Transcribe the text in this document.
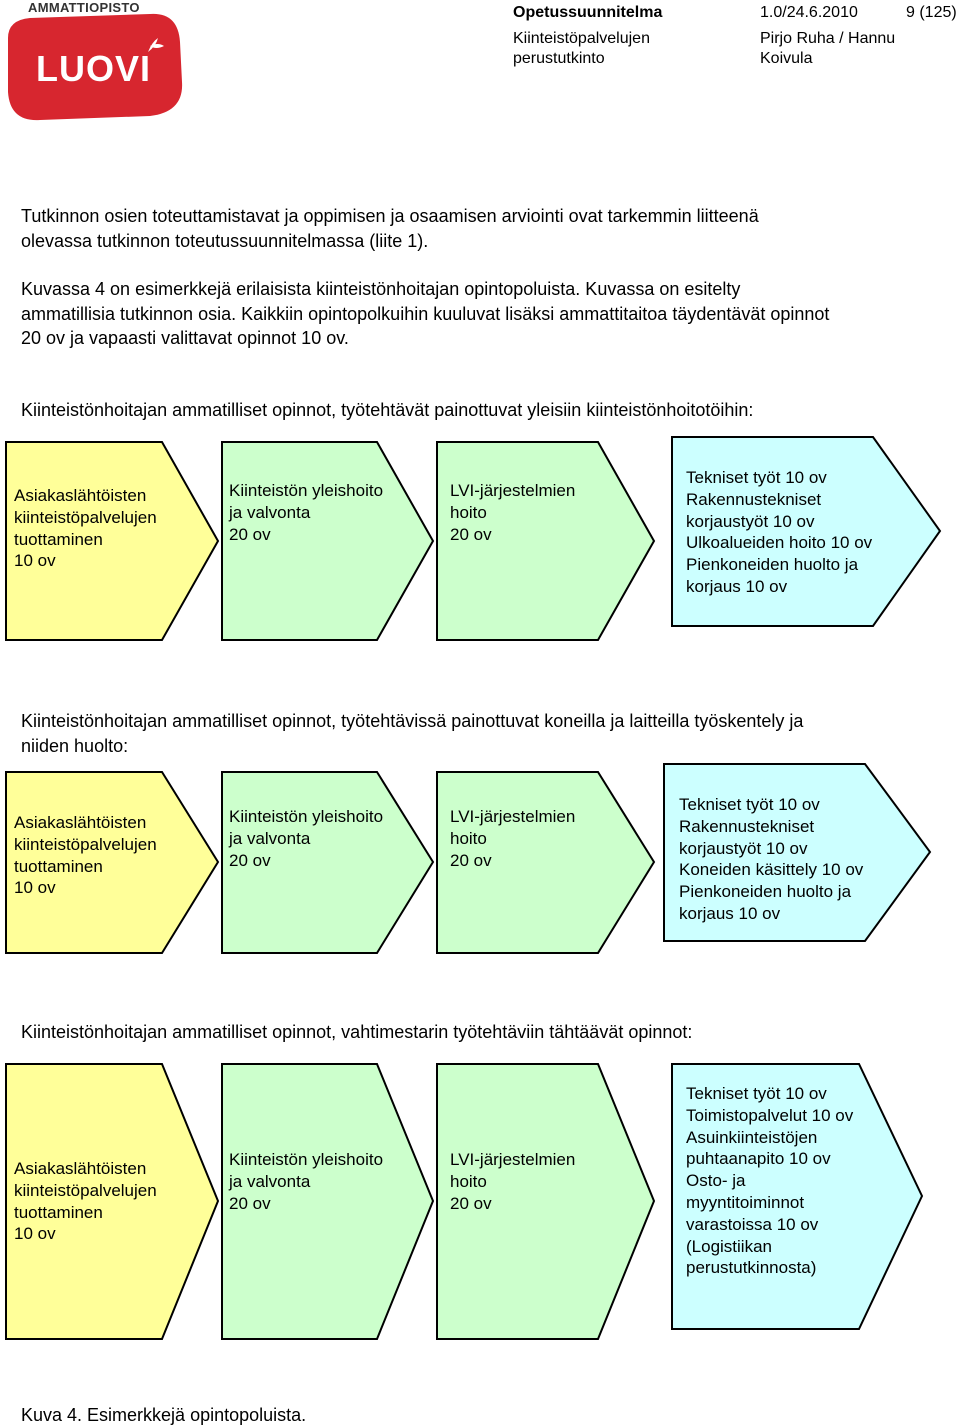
AMMATTIOPISTO
LUOVI
Opetussuunnitelma	1.0/24.6.2010	9 (125)
Kiinteistöpalvelujen
perustutkinto
Pirjo Ruha / Hannu
Koivula
Tutkinnon osien toteuttamistavat ja oppimisen ja osaamisen arviointi ovat tarkemmin liitteenä
olevassa tutkinnon toteutussuunnitelmassa (liite 1).
Kuvassa 4 on esimerkkejä erilaisista kiinteistönhoitajan opintopoluista. Kuvassa on esitelty
ammatillisia tutkinnon osia. Kaikkiin opintopolkuihin kuuluvat lisäksi ammattitaitoa täydentävät opinnot
20 ov ja vapaasti valittavat opinnot 10 ov.
Kiinteistönhoitajan ammatilliset opinnot, työtehtävät painottuvat yleisiin kiinteistönhoitotöihin:
Asiakaslähtöisten
kiinteistöpalvelujen
tuottaminen
10 ov
Kiinteistön yleishoito
ja valvonta
20 ov
LVI-järjestelmien
hoito
20 ov
Tekniset työt 10 ov
Rakennustekniset
korjaustyöt 10 ov
Ulkoalueiden hoito 10 ov
Pienkoneiden huolto ja
korjaus 10 ov
Kiinteistönhoitajan ammatilliset opinnot, työtehtävissä painottuvat koneilla ja laitteilla työskentely ja
niiden huolto:
Asiakaslähtöisten
kiinteistöpalvelujen
tuottaminen
10 ov
Kiinteistön yleishoito
ja valvonta
20 ov
LVI-järjestelmien
hoito
20 ov
Tekniset työt 10 ov
Rakennustekniset
korjaustyöt 10 ov
Koneiden käsittely 10 ov
Pienkoneiden huolto ja
korjaus 10 ov
Kiinteistönhoitajan ammatilliset opinnot, vahtimestarin työtehtäviin tähtäävät opinnot:
Asiakaslähtöisten
kiinteistöpalvelujen
tuottaminen
10 ov
Kiinteistön yleishoito
ja valvonta
20 ov
LVI-järjestelmien
hoito
20 ov
Tekniset työt 10 ov
Toimistopalvelut 10 ov
Asuinkiinteistöjen
puhtaanapito 10 ov
Osto- ja
myyntitoiminnot
varastoissa 10 ov
(Logistiikan
perustutkinnosta)
Kuva 4. Esimerkkejä opintopoluista.
